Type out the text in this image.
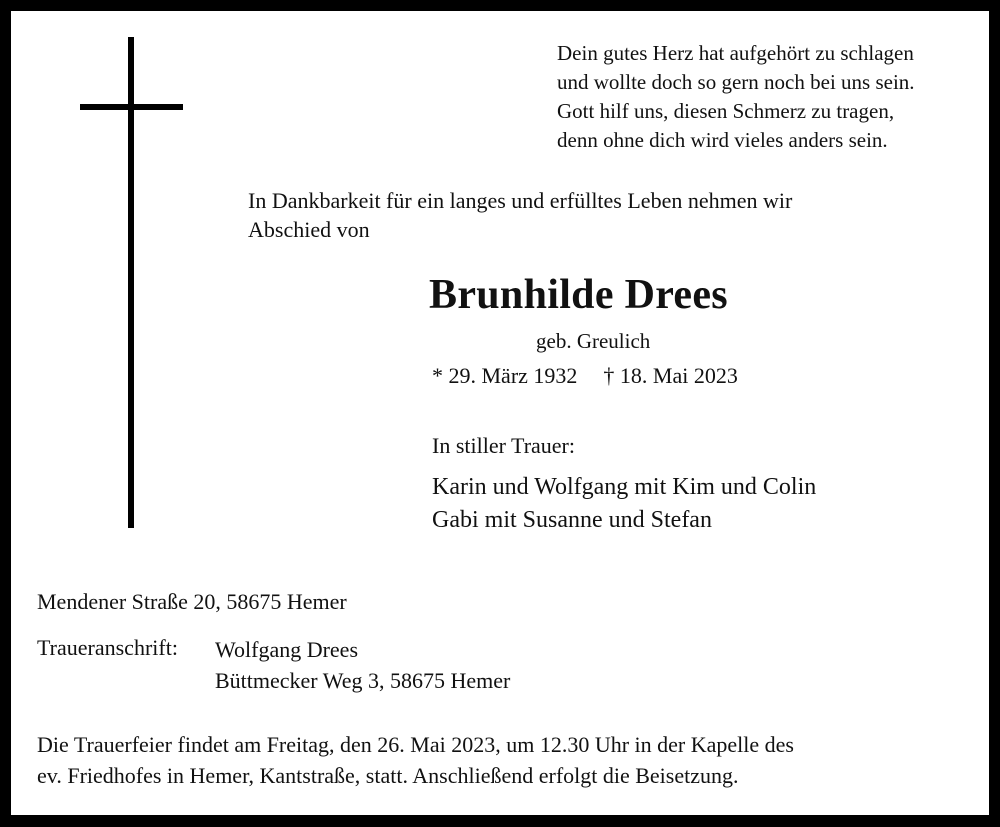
Dein gutes Herz hat aufgehört zu schlagen
und wollte doch so gern noch bei uns sein.
Gott hilf uns, diesen Schmerz zu tragen,
denn ohne dich wird vieles anders sein.
In Dankbarkeit für ein langes und erfülltes Leben nehmen wir
Abschied von
Brunhilde Drees
geb. Greulich
* 29. März 1932 † 18. Mai 2023
In stiller Trauer:
Karin und Wolfgang mit Kim und Colin
Gabi mit Susanne und Stefan
Mendener Straße 20, 58675 Hemer
Traueranschrift: Wolfgang Drees
Büttmecker Weg 3, 58675 Hemer
Die Trauerfeier findet am Freitag, den 26. Mai 2023, um 12.30 Uhr in der Kapelle des
ev. Friedhofes in Hemer, Kantstraße, statt. Anschließend erfolgt die Beisetzung.
